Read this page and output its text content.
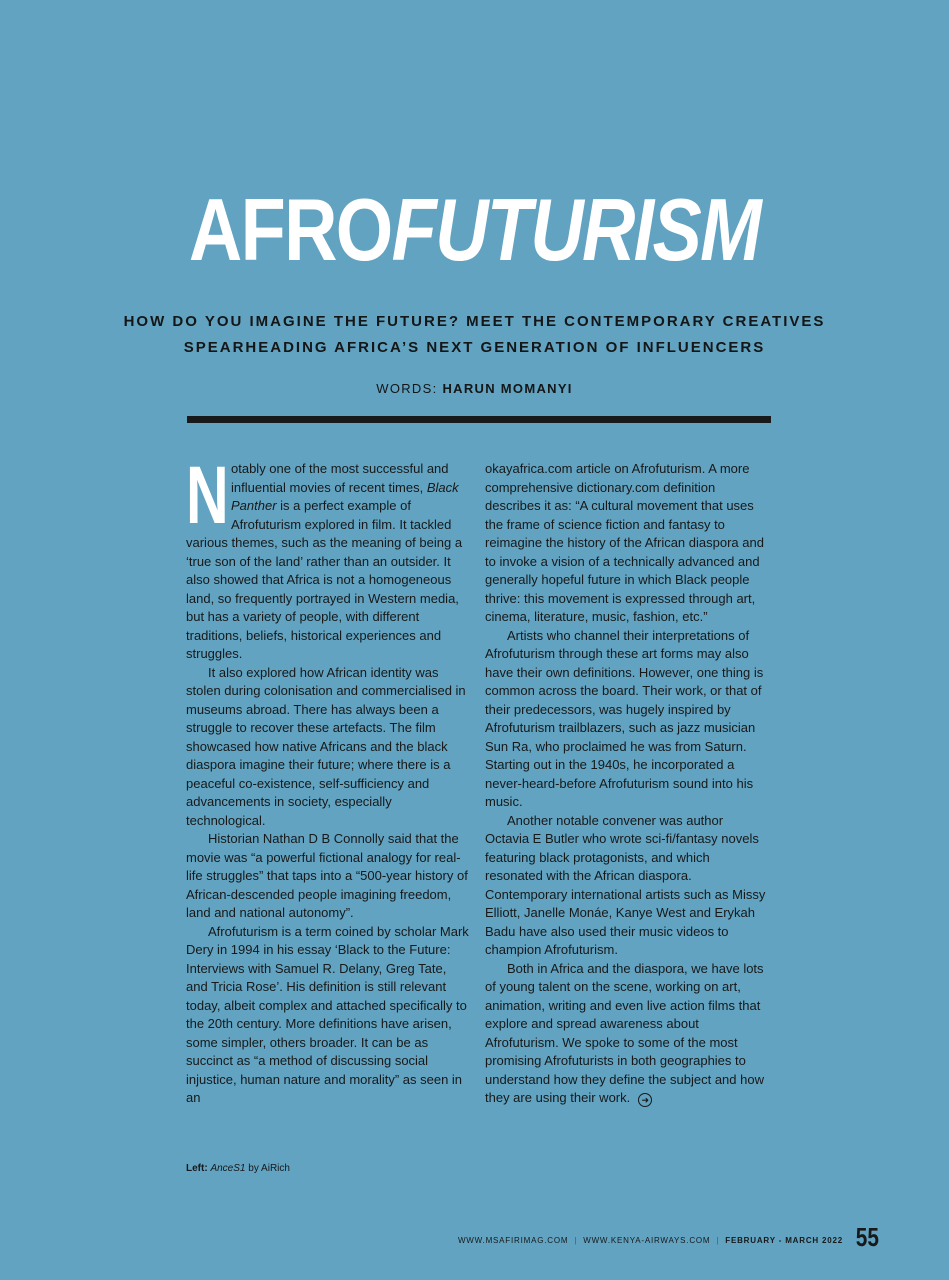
AFROFUTURISM
HOW DO YOU IMAGINE THE FUTURE? MEET THE CONTEMPORARY CREATIVES
SPEARHEADING AFRICA’S NEXT GENERATION OF INFLUENCERS
WORDS: HARUN MOMANYI

Notably one of the most successful and influential movies of recent times, Black Panther is a perfect example of Afrofuturism explored in film. It tackled various themes, such as the meaning of being a ‘true son of the land’ rather than an outsider. It also showed that Africa is not a homogeneous land, so frequently portrayed in Western media, but has a variety of people, with different traditions, beliefs, historical experiences and struggles.

It also explored how African identity was stolen during colonisation and commercialised in museums abroad. There has always been a struggle to recover these artefacts. The film showcased how native Africans and the black diaspora imagine their future; where there is a peaceful co-existence, self-sufficiency and advancements in society, especially technological.

Historian Nathan D B Connolly said that the movie was “a powerful fictional analogy for real-life struggles” that taps into a “500-year history of African-descended people imagining freedom, land and national autonomy”.

Afrofuturism is a term coined by scholar Mark Dery in 1994 in his essay ‘Black to the Future: Interviews with Samuel R. Delany, Greg Tate, and Tricia Rose’. His definition is still relevant today, albeit complex and attached specifically to the 20th century. More definitions have arisen, some simpler, others broader. It can be as succinct as “a method of discussing social injustice, human nature and morality” as seen in an

okayafrica.com article on Afrofuturism. A more comprehensive dictionary.com definition describes it as: “A cultural movement that uses the frame of science fiction and fantasy to reimagine the history of the African diaspora and to invoke a vision of a technically advanced and generally hopeful future in which Black people thrive: this movement is expressed through art, cinema, literature, music, fashion, etc.”

Artists who channel their interpretations of Afrofuturism through these art forms may also have their own definitions. However, one thing is common across the board. Their work, or that of their predecessors, was hugely inspired by Afrofuturism trailblazers, such as jazz musician Sun Ra, who proclaimed he was from Saturn. Starting out in the 1940s, he incorporated a never-heard-before Afrofuturism sound into his music.

Another notable convener was author Octavia E Butler who wrote sci-fi/fantasy novels featuring black protagonists, and which resonated with the African diaspora. Contemporary international artists such as Missy Elliott, Janelle Monáe, Kanye West and Erykah Badu have also used their music videos to champion Afrofuturism.

Both in Africa and the diaspora, we have lots of young talent on the scene, working on art, animation, writing and even live action films that explore and spread awareness about Afrofuturism. We spoke to some of the most promising Afrofuturists in both geographies to understand how they define the subject and how they are using their work. ➜

Left: AnceS1 by AiRich
WWW.MSAFIRIMAG.COM | WWW.KENYA-AIRWAYS.COM | FEBRUARY - MARCH 2022 55
